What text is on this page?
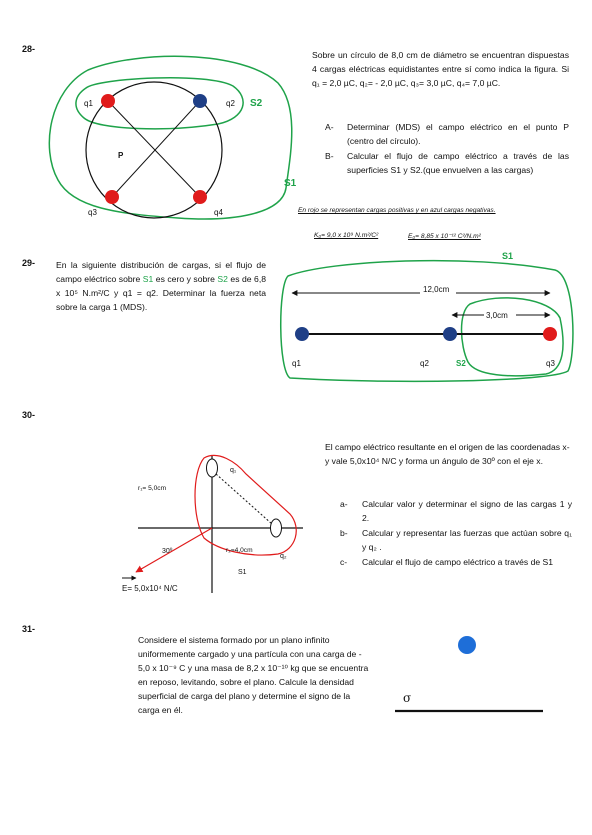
28-
q1	q2 S2
P
S1
q3	q4
Sobre un círculo de 8,0 cm de diámetro se encuentran dispuestas 4 cargas eléctricas equidistantes entre sí como indica la figura. Si q₁ = 2,0 µC, q₂= - 2,0 µC, q₃= 3,0 µC, q₄= 7,0 µC.
A-	Determinar (MDS) el campo eléctrico en el punto P (centro del círculo).
B-	Calcular el flujo de campo eléctrico a través de las superficies S1 y S2.(que envuelven a las cargas)
En rojo se representan cargas positivas y en azul cargas negativas.
K₀= 9,0 x 10⁹ N.m²/C²	E₀= 8,85 x 10⁻¹² C²/N.m²
29- En la siguiente distribución de cargas, si el flujo de campo eléctrico sobre S1 es cero y sobre S2 es de 6,8 x 10⁵ N.m²/C y q1 = q2. Determinar la fuerza neta sobre la carga 1 (MDS).
S1
12,0cm
3,0cm
q1	q2	S2	q3
30-
r₁= 5,0cm
q₁
30º	r₂=4,0cm
q₂
S1
E= 5,0x10⁴ N/C
El campo eléctrico resultante en el origen de las coordenadas x-y vale 5,0x10⁴ N/C y forma un ángulo de 30º con el eje x.
a-	Calcular valor y determinar el signo de las cargas 1 y 2.
b-	Calcular y representar las fuerzas que actúan sobre q₁ y q₂ .
c-	Calcular el flujo de campo eléctrico a través de S1
31-
Considere el sistema formado por un plano infinito uniformemente cargado y una partícula con una carga de - 5,0 x 10⁻⁹ C y una masa de 8,2 x 10⁻¹⁰ kg que se encuentra en reposo, levitando, sobre el plano. Calcule la densidad superficial de carga del plano y determine el signo de la carga en él.
σ
